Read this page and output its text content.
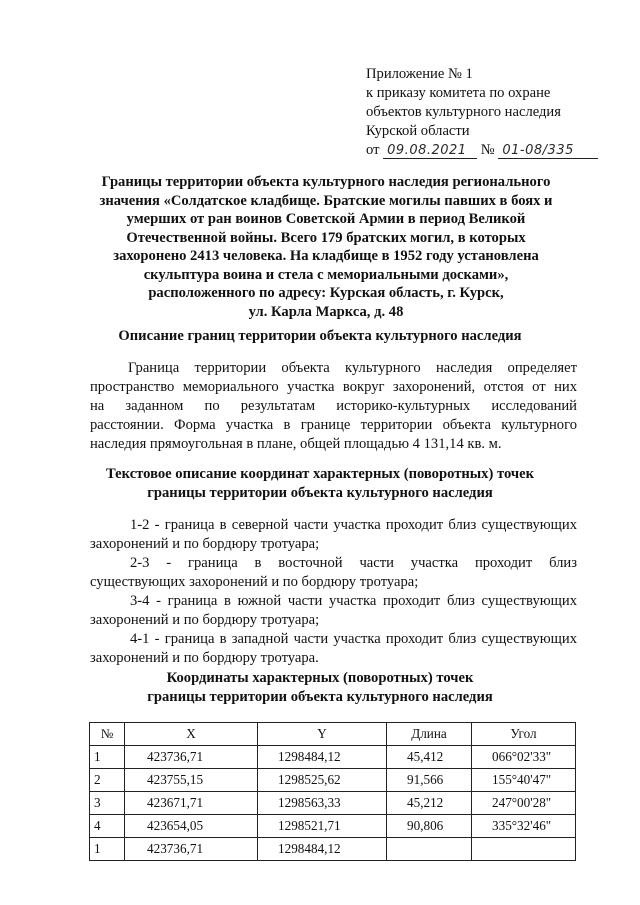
Приложение № 1
к приказу комитета по охране
объектов культурного наследия
Курской области
от 09.08.2021 № 01-08/335
Границы территории объекта культурного наследия регионального
значения «Солдатское кладбище. Братские могилы павших в боях и
умерших от ран воинов Советской Армии в период Великой
Отечественной войны. Всего 179 братских могил, в которых
захоронено 2413 человека. На кладбище в 1952 году установлена
скульптура воина и стела с мемориальными досками»,
расположенного по адресу: Курская область, г. Курск,
ул. Карла Маркса, д. 48
Описание границ территории объекта культурного наследия
Граница территории объекта культурного наследия определяет
пространство мемориального участка вокруг захоронений, отстоя от них
на заданном по результатам историко-культурных исследований
расстоянии. Форма участка в границе территории объекта культурного
наследия прямоугольная в плане, общей площадью 4 131,14 кв. м.
Текстовое описание координат характерных (поворотных) точек
границы территории объекта культурного наследия
1-2 - граница в северной части участка проходит близ существующих
захоронений и по бордюру тротуара;
2-3 - граница в восточной части участка проходит близ
существующих захоронений и по бордюру тротуара;
3-4 - граница в южной части участка проходит близ существующих
захоронений и по бордюру тротуара;
4-1 - граница в западной части участка проходит близ существующих
захоронений и по бордюру тротуара.
Координаты характерных (поворотных) точек
границы территории объекта культурного наследия
№	X	Y	Длина	Угол
1	423736,71	1298484,12	45,412	066°02'33"
2	423755,15	1298525,62	91,566	155°40'47"
3	423671,71	1298563,33	45,212	247°00'28"
4	423654,05	1298521,71	90,806	335°32'46"
1	423736,71	1298484,12		
